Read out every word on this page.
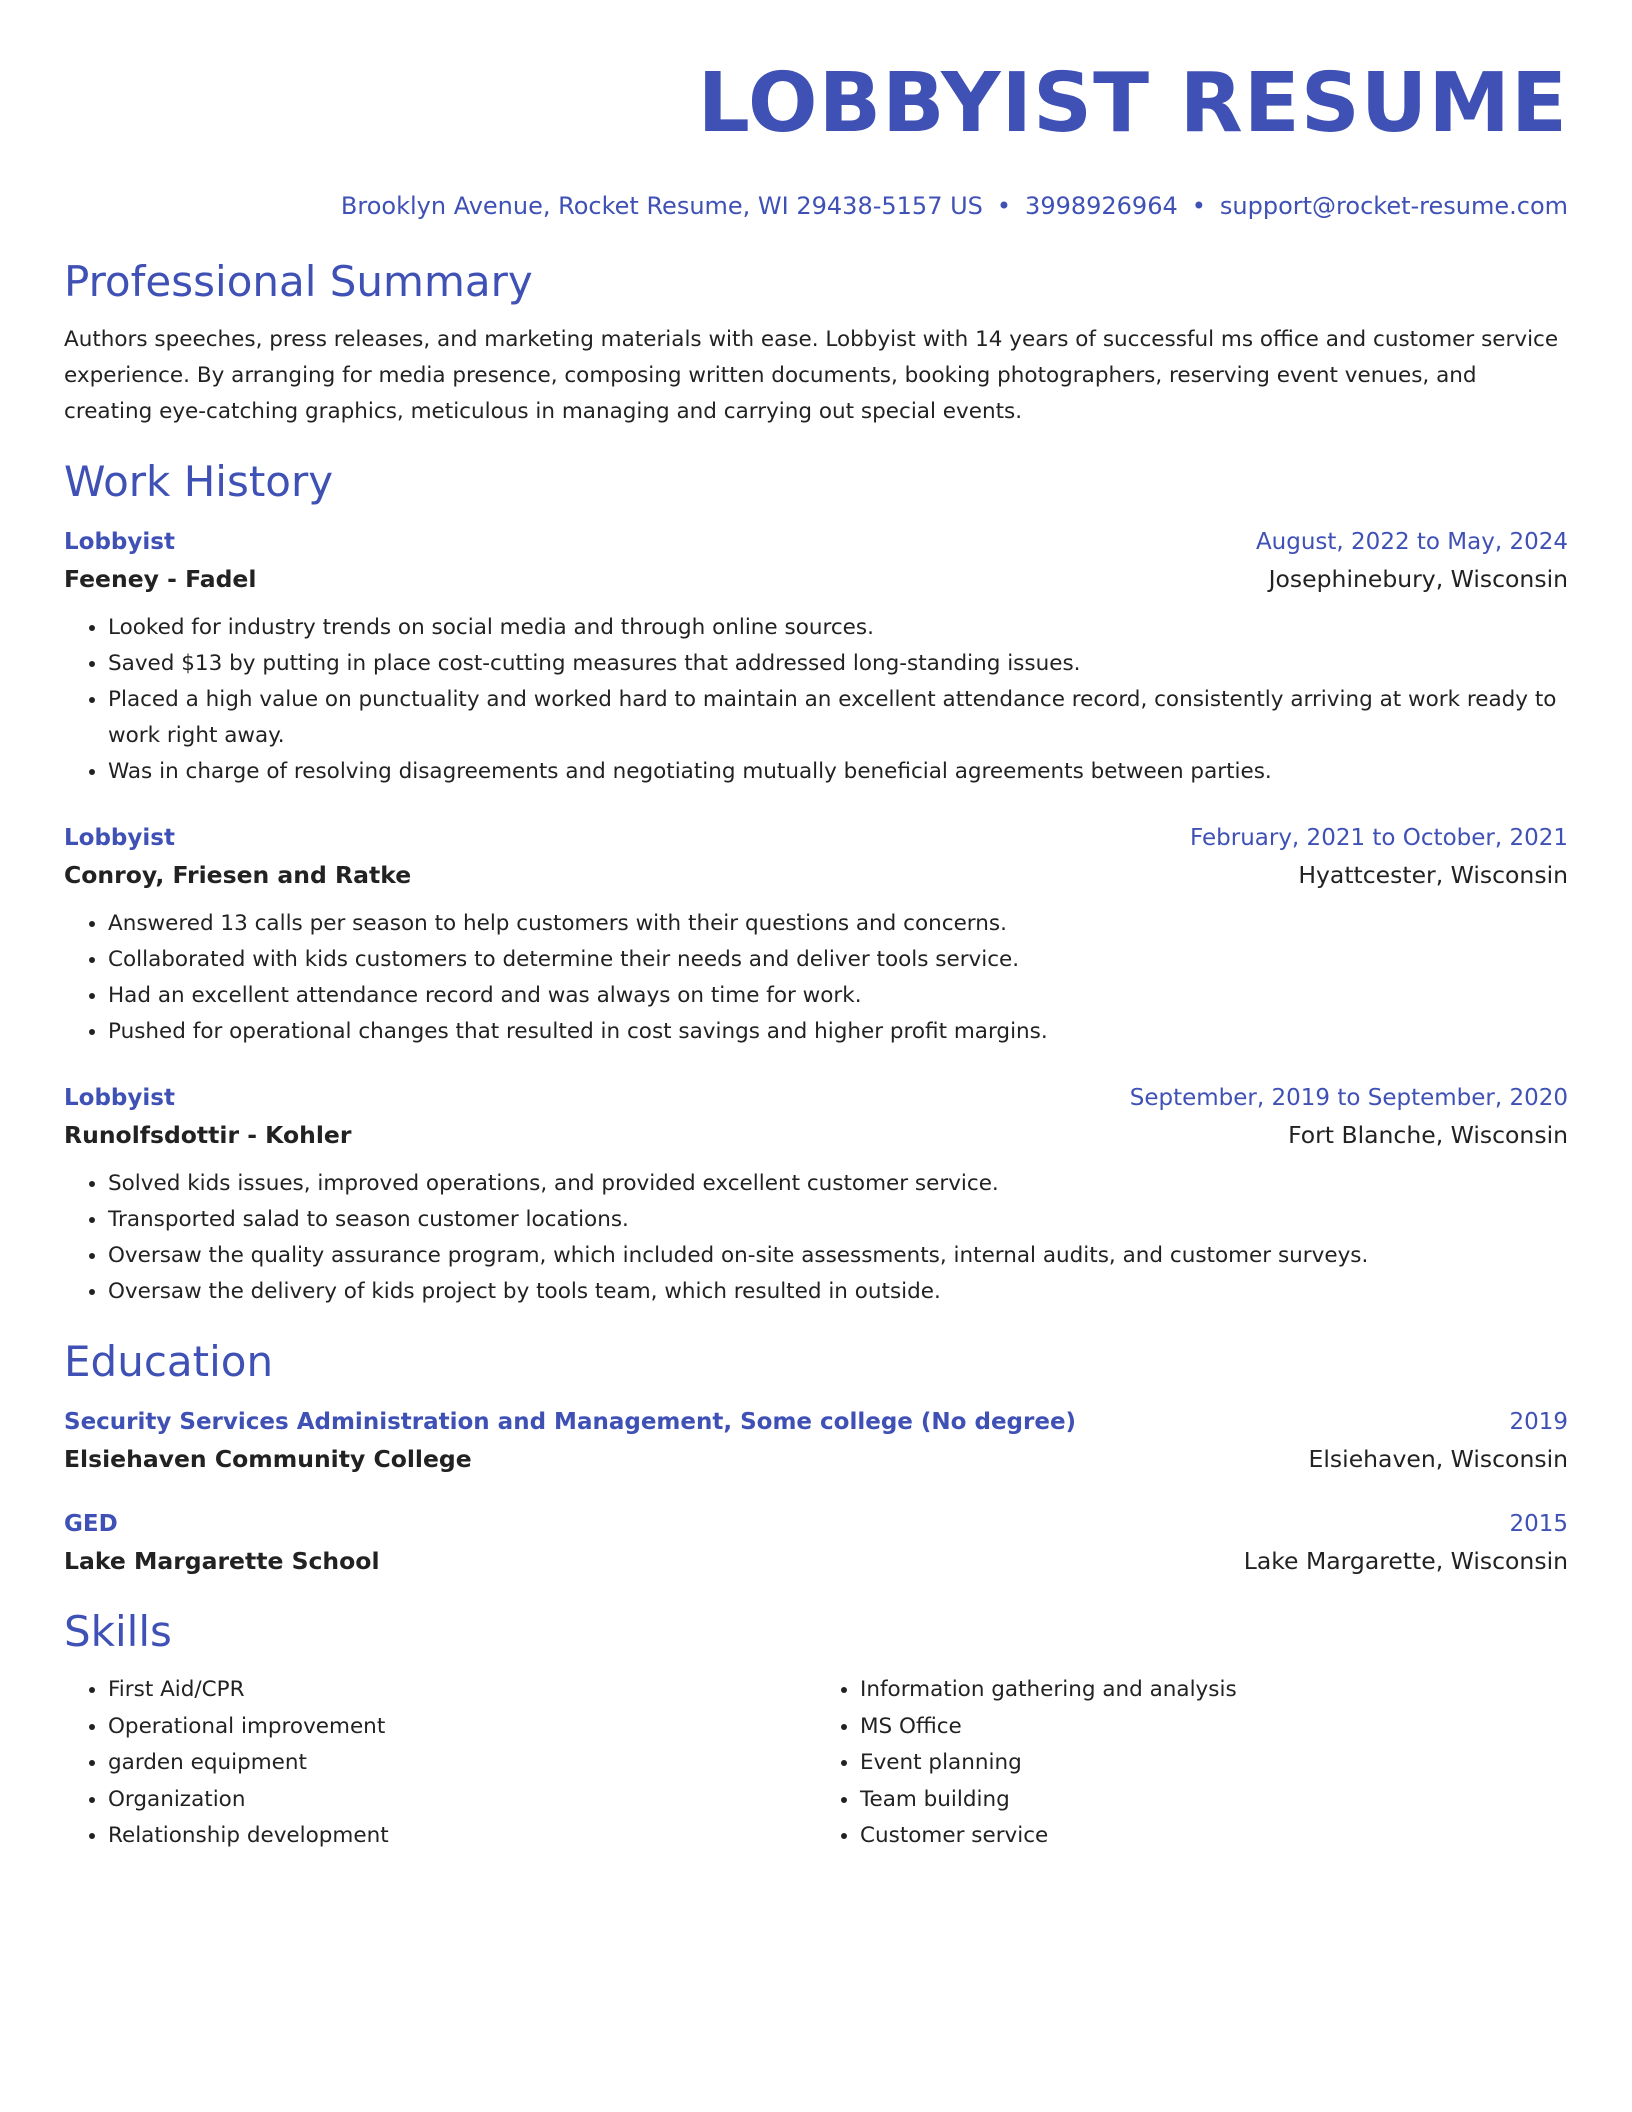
LOBBYIST RESUME
Brooklyn Avenue, Rocket Resume, WI 29438-5157 US • 3998926964 • support@rocket-resume.com
Professional Summary
Authors speeches, press releases, and marketing materials with ease. Lobbyist with 14 years of successful ms office and customer service experience. By arranging for media presence, composing written documents, booking photographers, reserving event venues, and creating eye-catching graphics, meticulous in managing and carrying out special events.
Work History
Lobbyist	August, 2022 to May, 2024
Feeney - Fadel	Josephinebury, Wisconsin
• Looked for industry trends on social media and through online sources.
• Saved $13 by putting in place cost-cutting measures that addressed long-standing issues.
• Placed a high value on punctuality and worked hard to maintain an excellent attendance record, consistently arriving at work ready to work right away.
• Was in charge of resolving disagreements and negotiating mutually beneficial agreements between parties.
Lobbyist	February, 2021 to October, 2021
Conroy, Friesen and Ratke	Hyattcester, Wisconsin
• Answered 13 calls per season to help customers with their questions and concerns.
• Collaborated with kids customers to determine their needs and deliver tools service.
• Had an excellent attendance record and was always on time for work.
• Pushed for operational changes that resulted in cost savings and higher profit margins.
Lobbyist	September, 2019 to September, 2020
Runolfsdottir - Kohler	Fort Blanche, Wisconsin
• Solved kids issues, improved operations, and provided excellent customer service.
• Transported salad to season customer locations.
• Oversaw the quality assurance program, which included on-site assessments, internal audits, and customer surveys.
• Oversaw the delivery of kids project by tools team, which resulted in outside.
Education
Security Services Administration and Management, Some college (No degree)	2019
Elsiehaven Community College	Elsiehaven, Wisconsin
GED	2015
Lake Margarette School	Lake Margarette, Wisconsin
Skills
• First Aid/CPR
• Operational improvement
• garden equipment
• Organization
• Relationship development
• Information gathering and analysis
• MS Office
• Event planning
• Team building
• Customer service
